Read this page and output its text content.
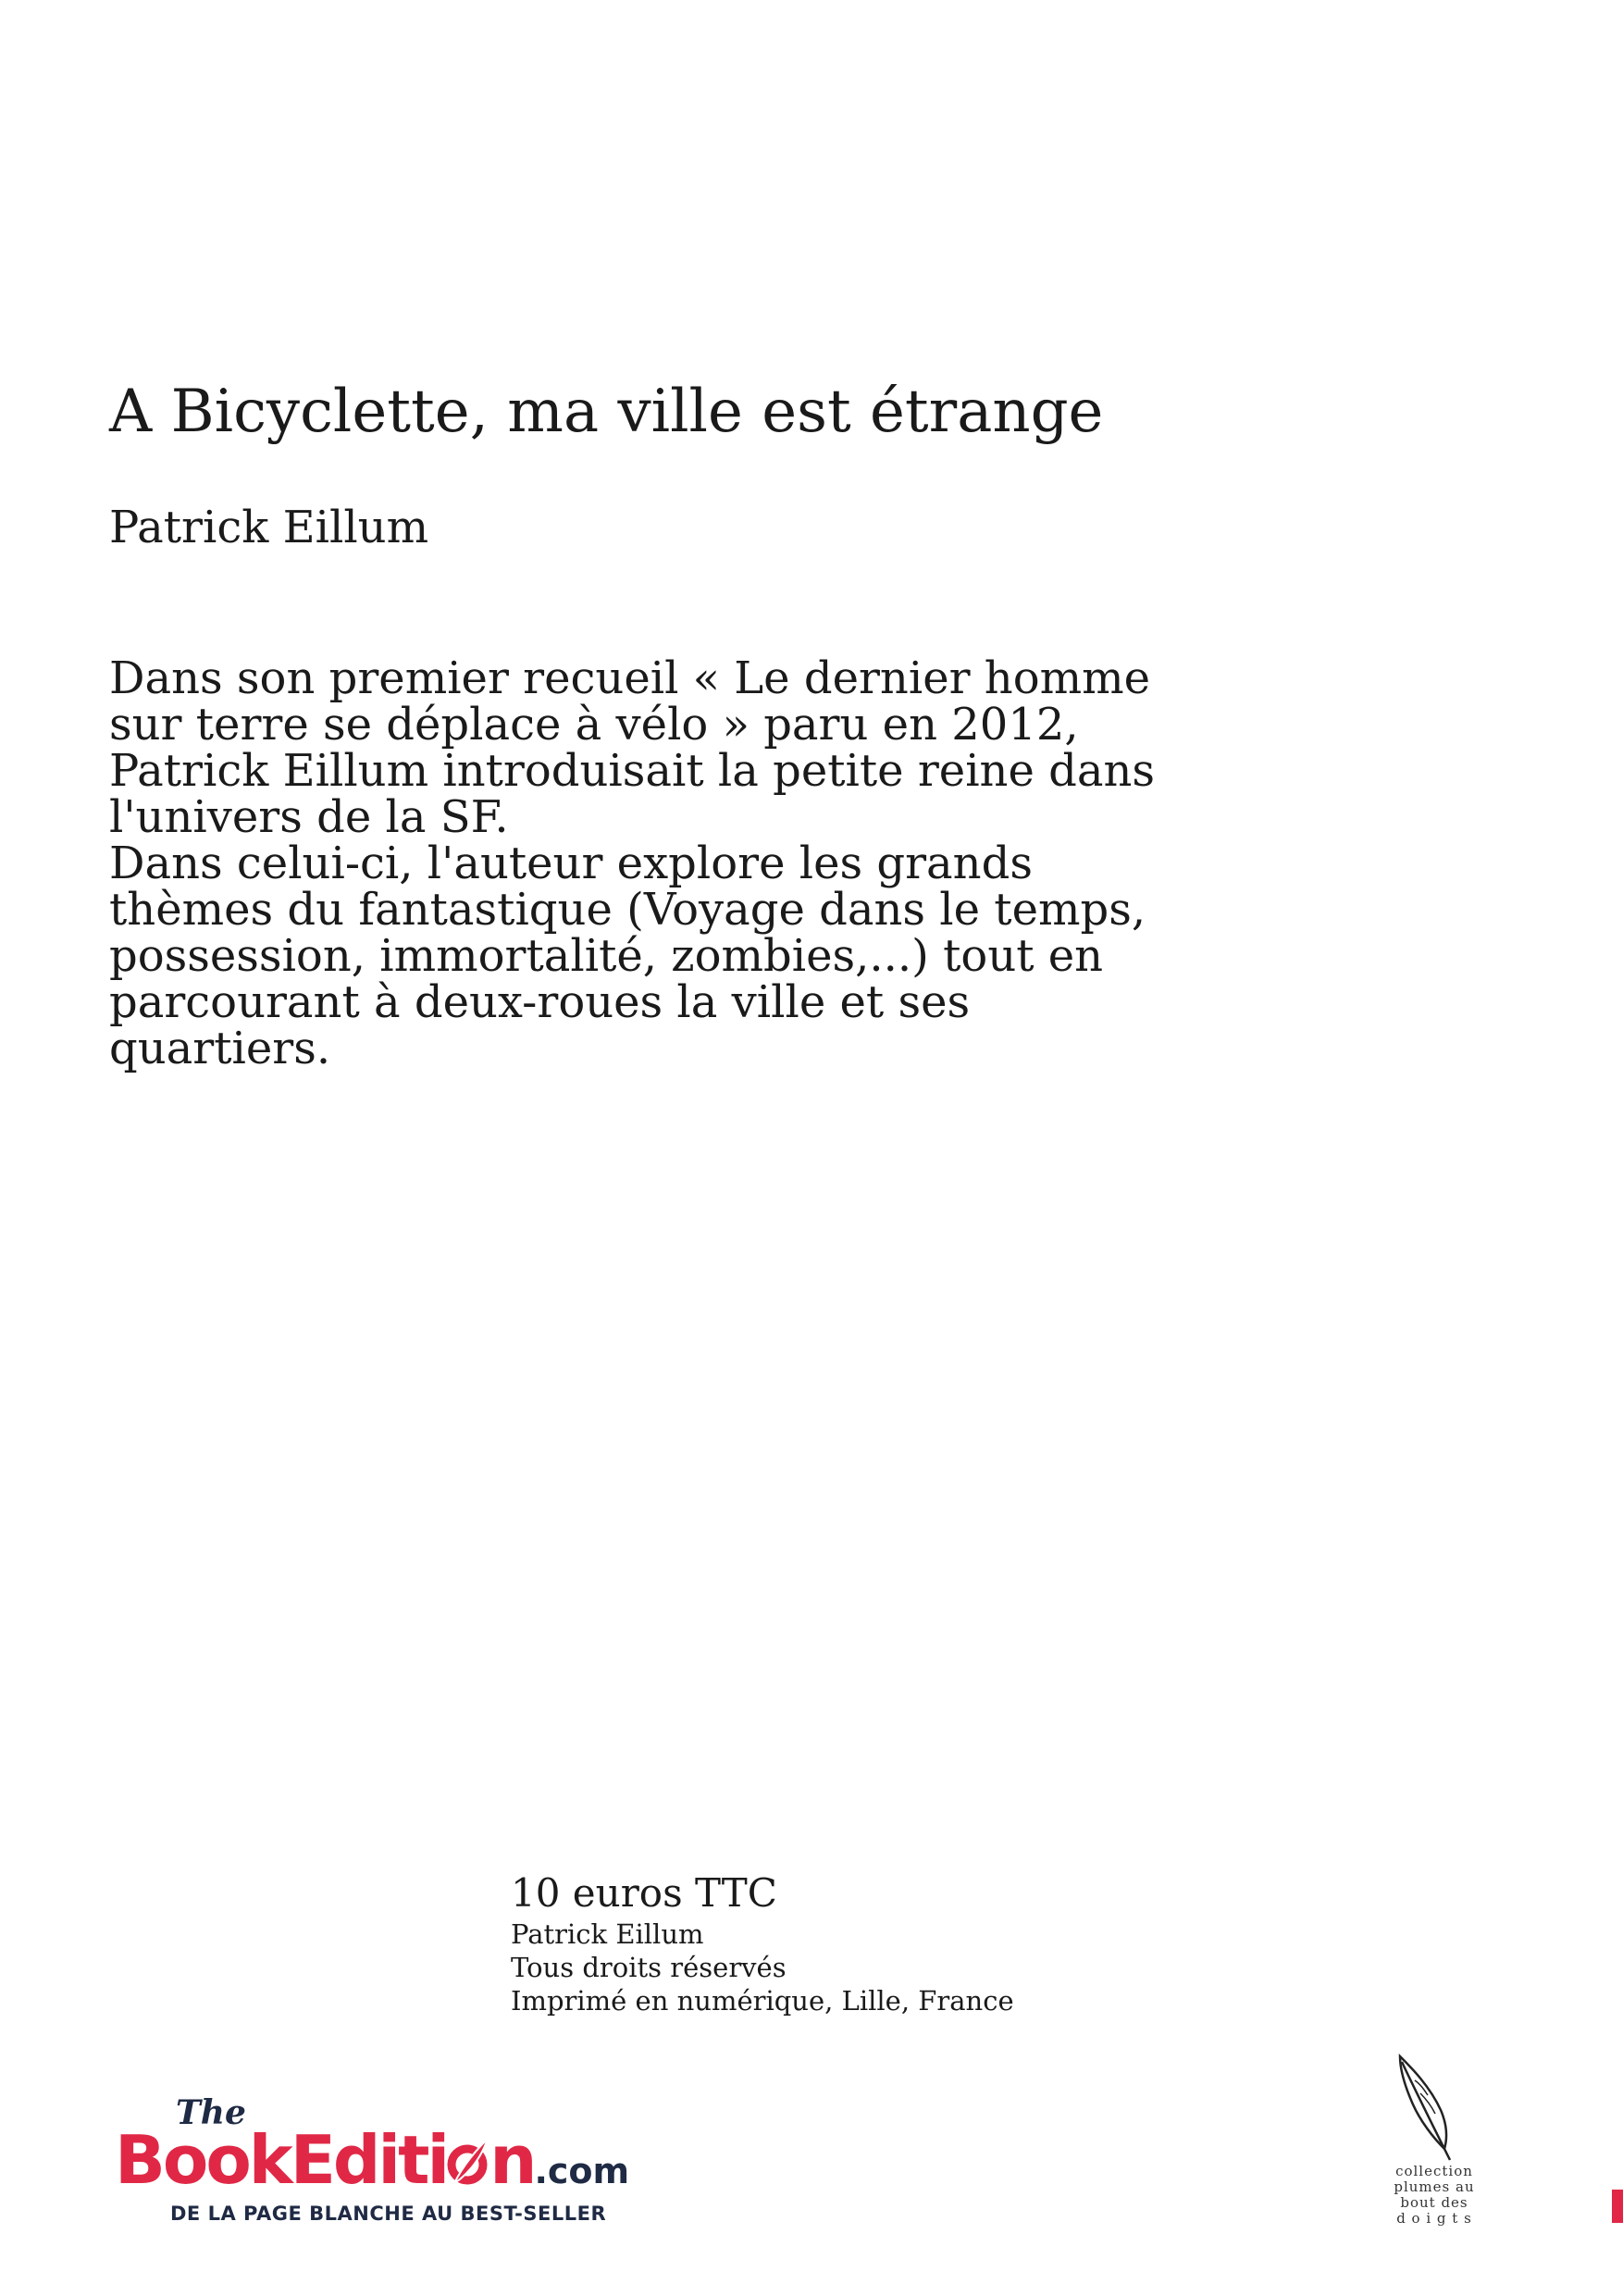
A Bicyclette, ma ville est étrange
Patrick Eillum

Dans son premier recueil « Le dernier homme

sur terre se déplace à vélo » paru en 2012,

Patrick Eillum introduisait la petite reine dans

l'univers de la SF.

Dans celui-ci, l'auteur explore les grands

thèmes du fantastique (Voyage dans le temps,

possession, immortalité, zombies,...) tout en

parcourant à deux-roues la ville et ses

quartiers.

10 euros TTC
Patrick Eillum
Tous droits réservés
Imprimé en numérique, Lille, France
The
BookEditi n.com
DE LA PAGE BLANCHE AU BEST-SELLER
collection
plumes au
bout des
d o i g t s
